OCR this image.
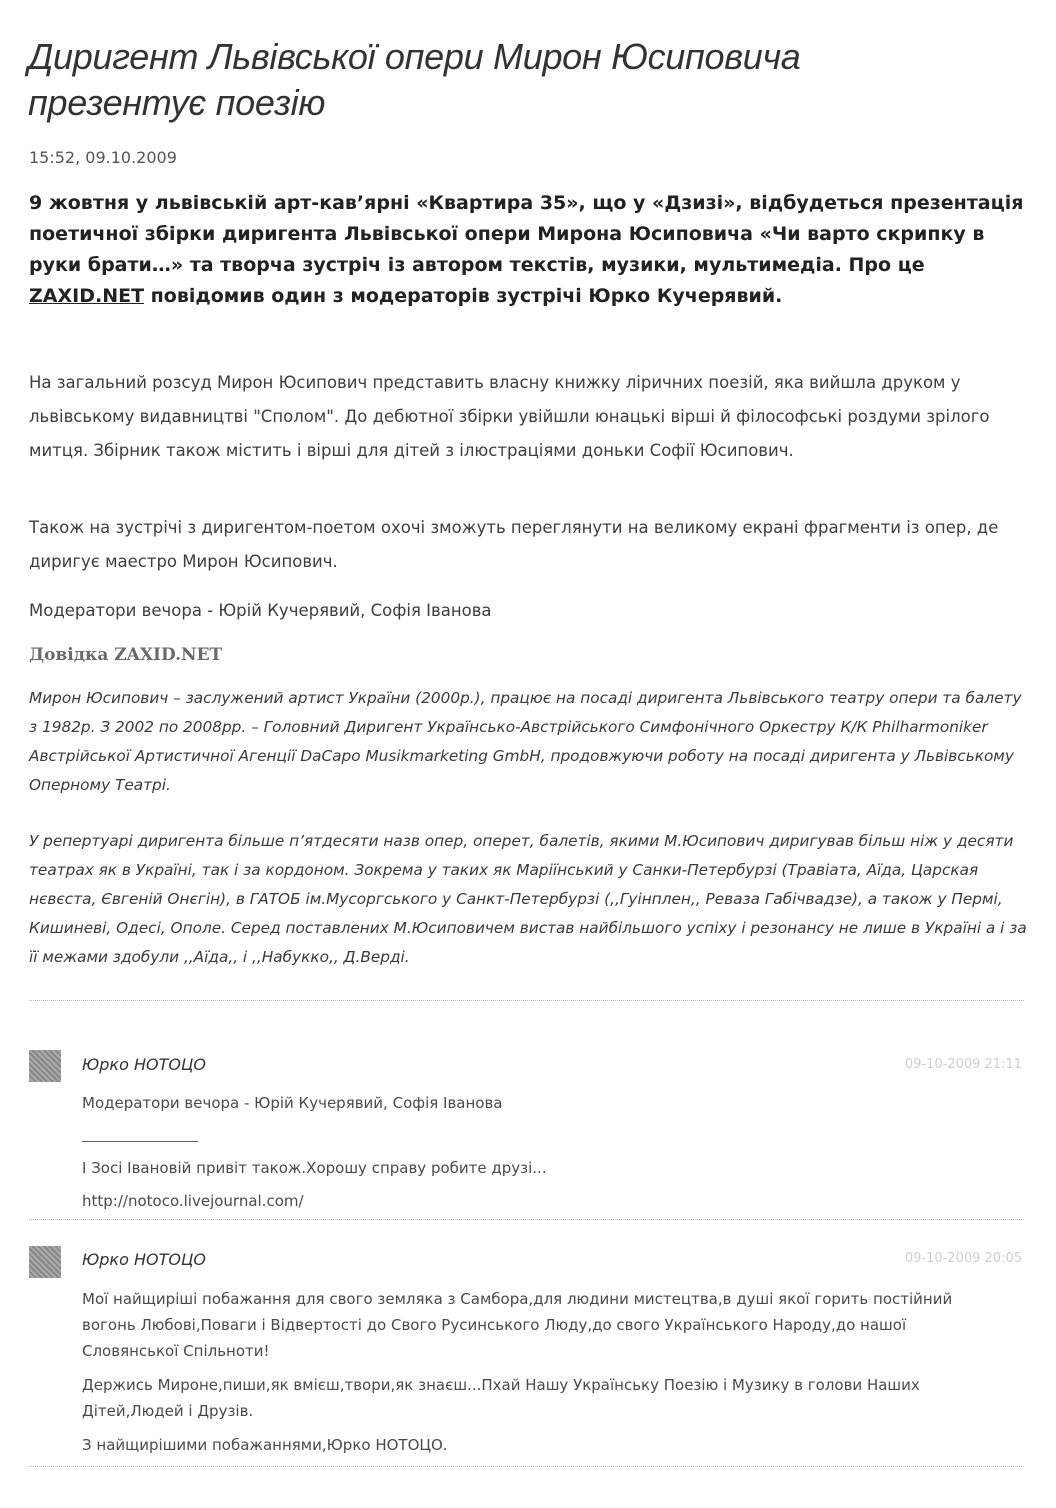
Диригент Львівської опери Мирон Юсиповича презентує поезію
15:52, 09.10.2009

9 жовтня у львівській арт-кав’ярні «Квартира 35», що у «Дзизі», відбудеться презентація поетичної збірки диригента Львівської опери Мирона Юсиповича «Чи варто скрипку в руки брати…» та творча зустріч із автором текстів, музики, мультимедіа. Про це ZAXID.NET повідомив один з модераторів зустрічі Юрко Кучерявий.

На загальний розсуд Мирон Юсипович представить власну книжку ліричних поезій, яка вийшла друком у львівському видавництві "Сполом". До дебютної збірки увійшли юнацькі вірші й філософські роздуми зрілого митця. Збірник також містить і вірші для дітей з ілюстраціями доньки Софії Юсипович.

Також на зустрічі з диригентом-поетом охочі зможуть переглянути на великому екрані фрагменти із опер, де диригує маестро Мирон Юсипович.

Модератори вечора - Юрій Кучерявий, Софія Іванова

Довідка ZAXID.NET

Мирон Юсипович – заслужений артист України (2000р.), працює на посаді диригента Львівського театру опери та балету з 1982р. З 2002 по 2008рр. – Головний Диригент Українсько-Австрійського Симфонічного Оркестру К/К Philharmoniker Австрійської Артистичної Агенції DaCapo Musikmarketing GmbH, продовжуючи роботу на посаді диригента у Львівському Оперному Театрі.

У репертуарі диригента більше п’ятдесяти назв опер, оперет, балетів, якими М.Юсипович диригував більш ніж у десяти театрах як в Україні, так і за кордоном. Зокрема у таких як Маріїнський у Санки-Петербурзі (Травіата, Аїда, Царская нєвєста, Євгеній Онєгін), в ГАТОБ ім.Мусоргського у Санкт-Петербурзі (,,Гуінплен,, Реваза Габічвадзе), а також у Пермі, Кишиневі, Одесі, Ополе. Серед поставлених М.Юсиповичем вистав найбільшого успіху і резонансу не лише в Україні а і за її межами здобули ,,Аїда,, і ,,Набукко,, Д.Верді.

Юрко НОТОЦО	09-10-2009 21:11

Модератори вечора - Юрій Кучерявий, Софія Іванова

І Зосі Івановій привіт також.Хорошу справу робите друзі...

http://notoco.livejournal.com/

Юрко НОТОЦО	09-10-2009 20:05

Мої найщиріші побажання для свого земляка з Самбора,для людини мистецтва,в душі якої горить постійний вогонь Любові,Поваги і Відвертості до Свого Русинського Люду,до свого Українського Народу,до нашої Словянської Спільноти!

Держись Мироне,пиши,як вмієш,твори,як знаєш...Пхай Нашу Українську Поезію і Музику в голови Наших Дітей,Людей і Друзів.

З найщирішими побажаннями,Юрко НОТОЦО.
